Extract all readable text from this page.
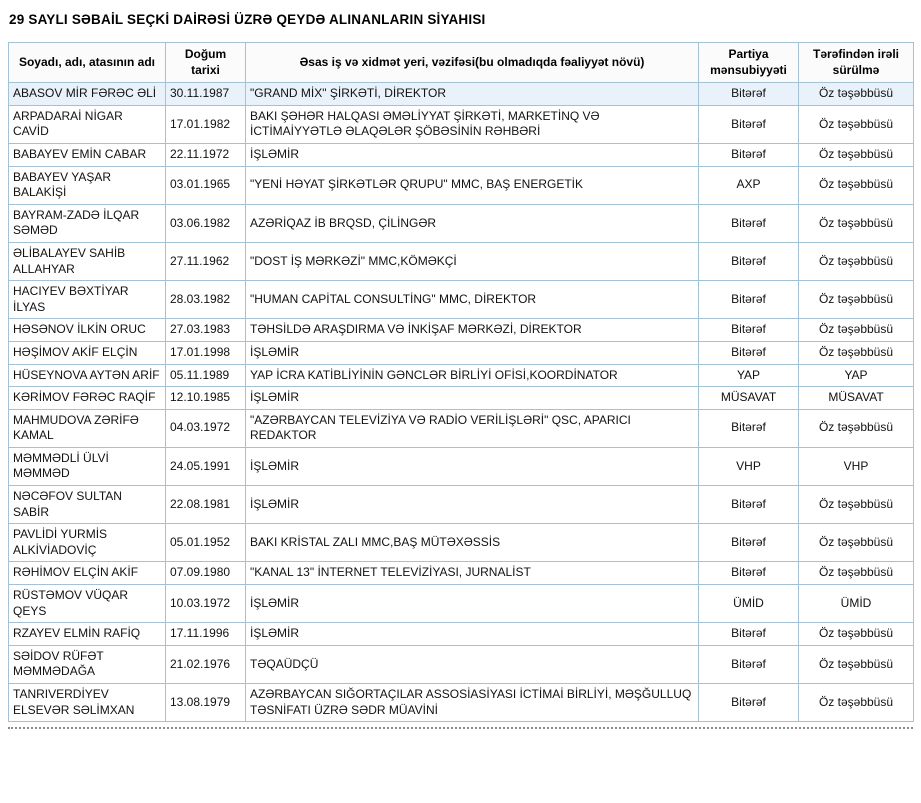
29 SAYLI SƏBAİL SEÇKİ DAİRƏSİ ÜZRƏ QEYDƏ ALINANLARIN SİYAHISI
Soyadı, adı, atasının adı	Doğum tarixi	Əsas iş və xidmət yeri, vəzifəsi(bu olmadıqda fəaliyyət növü)	Partiya mənsubiyyəti	Tərəfindən irəli sürülmə
ABASOV MİR FƏRƏC ƏLİ	30.11.1987	"GRAND MİX" ŞİRKƏTİ, DİREKTOR	Bitərəf	Öz təşəbbüsü
ARPADARAİ NİGAR CAVİD	17.01.1982	BAKI ŞƏHƏR HALQASI ƏMƏLİYYAT ŞİRKƏTİ, MARKETİNQ VƏ İCTİMAİYYƏTLƏ ƏLAQƏLƏR ŞÖBƏSİNİN RƏHBƏRİ	Bitərəf	Öz təşəbbüsü
BABAYEV EMİN CABAR	22.11.1972	İŞLƏMİR	Bitərəf	Öz təşəbbüsü
BABAYEV YAŞAR BALAKİŞİ	03.01.1965	"YENİ HƏYAT ŞİRKƏTLƏR QRUPU" MMC, BAŞ ENERGETİK	AXP	Öz təşəbbüsü
BAYRAM-ZADƏ İLQAR SƏMƏD	03.06.1982	AZƏRİQAZ İB BRQSD, ÇİLİNGƏR	Bitərəf	Öz təşəbbüsü
ƏLİBALAYEV SAHİB ALLAHYAR	27.11.1962	"DOST İŞ MƏRKƏZİ" MMC,KÖMƏKÇİ	Bitərəf	Öz təşəbbüsü
HACIYEV BƏXTİYAR İLYAS	28.03.1982	"HUMAN CAPİTAL CONSULTİNG" MMC, DİREKTOR	Bitərəf	Öz təşəbbüsü
HƏSƏNOV İLKİN ORUC	27.03.1983	TƏHSİLDƏ ARAŞDIRMA VƏ İNKİŞAF MƏRKƏZİ, DİREKTOR	Bitərəf	Öz təşəbbüsü
HƏŞİMOV AKİF ELÇİN	17.01.1998	İŞLƏMİR	Bitərəf	Öz təşəbbüsü
HÜSEYNOVA AYTƏN ARİF	05.11.1989	YAP İCRA KATİBLİYİNİN GƏNCLƏR BİRLİYİ OFİSİ,KOORDİNATOR	YAP	YAP
KƏRİMOV FƏRƏC RAQİF	12.10.1985	İŞLƏMİR	MÜSAVAT	MÜSAVAT
MAHMUDOVA ZƏRİFƏ KAMAL	04.03.1972	"AZƏRBAYCAN TELEVİZİYA VƏ RADİO VERİLİŞLƏRİ" QSC, APARICI REDAKTOR	Bitərəf	Öz təşəbbüsü
MƏMMƏDLİ ÜLVİ MƏMMƏD	24.05.1991	İŞLƏMİR	VHP	VHP
NƏCƏFOV SULTAN SABİR	22.08.1981	İŞLƏMİR	Bitərəf	Öz təşəbbüsü
PAVLİDİ YURMİS ALKİVİADOVİÇ	05.01.1952	BAKI KRİSTAL ZALI MMC,BAŞ MÜTƏXƏSSİS	Bitərəf	Öz təşəbbüsü
RƏHİMOV ELÇİN AKİF	07.09.1980	"KANAL 13" İNTERNET TELEVİZİYASI, JURNALİST	Bitərəf	Öz təşəbbüsü
RÜSTƏMOV VÜQAR QEYS	10.03.1972	İŞLƏMİR	ÜMİD	ÜMİD
RZAYEV ELMİN RAFİQ	17.11.1996	İŞLƏMİR	Bitərəf	Öz təşəbbüsü
SƏİDOV RÜFƏT MƏMMƏDAĞA	21.02.1976	TƏQAÜDÇÜ	Bitərəf	Öz təşəbbüsü
TANRIVERDİYEV ELSEVƏR SƏLİMXAN	13.08.1979	AZƏRBAYCAN SIĞORTAÇILAR ASSOSİASİYASI İCTİMAİ BİRLİYİ, MƏŞĞULLUQ TƏSNİFATI ÜZRƏ SƏDR MÜAVİNİ	Bitərəf	Öz təşəbbüsü
